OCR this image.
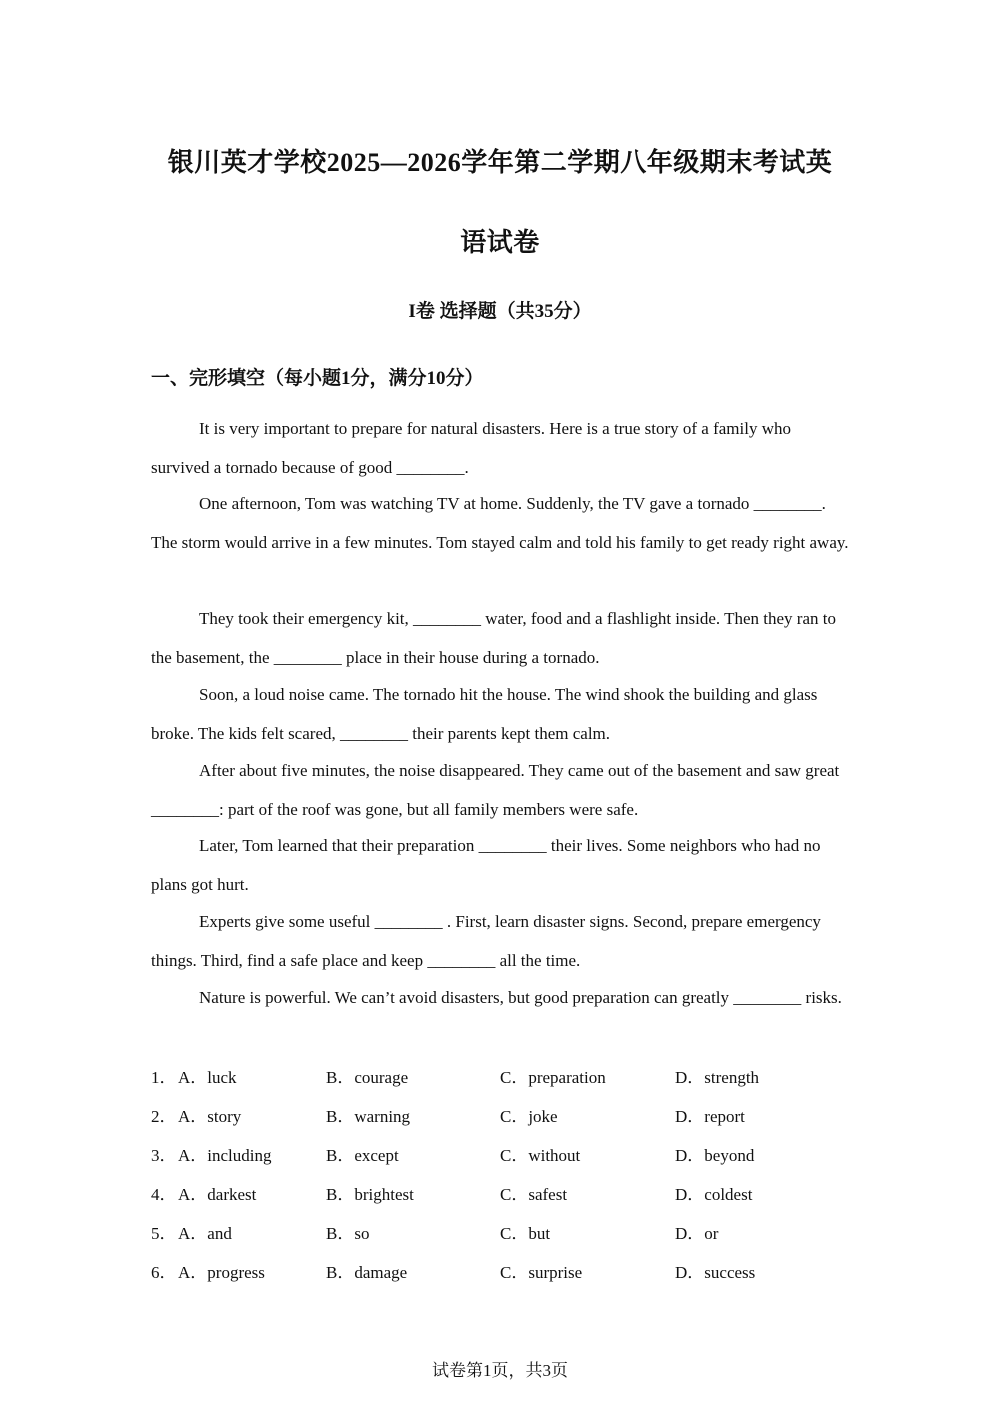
银川英才学校2025—2026学年第二学期八年级期末考试英
语试卷
I卷 选择题（共35分）
一、完形填空（每小题1分，满分10分）

It is very important to prepare for natural disasters. Here is a true story of a family who survived a tornado because of good ________.

One afternoon, Tom was watching TV at home. Suddenly, the TV gave a tornado ________. The storm would arrive in a few minutes. Tom stayed calm and told his family to get ready right away.

They took their emergency kit, ________ water, food and a flashlight inside. Then they ran to the basement, the ________ place in their house during a tornado.

Soon, a loud noise came. The tornado hit the house. The wind shook the building and glass broke. The kids felt scared, ________ their parents kept them calm.

After about five minutes, the noise disappeared. They came out of the basement and saw great ________: part of the roof was gone, but all family members were safe.

Later, Tom learned that their preparation ________ their lives. Some neighbors who had no plans got hurt.

Experts give some useful ________ . First, learn disaster signs. Second, prepare emergency things. Third, find a safe place and keep ________ all the time.

Nature is powerful. We can’t avoid disasters, but good preparation can greatly ________ risks.

1． A．luck	B．courage	C．preparation	D．strength
2． A．story	B．warning	C．joke	D．report
3． A．including	B．except	C．without	D．beyond
4． A．darkest	B．brightest	C．safest	D．coldest
5． A．and	B．so	C．but	D．or
6． A．progress	B．damage	C．surprise	D．success
试卷第1页，共3页
